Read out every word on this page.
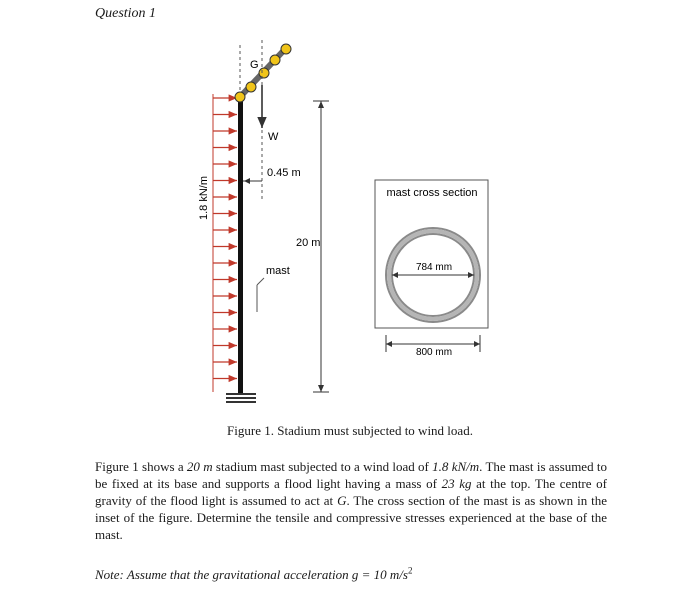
Question 1
1.8 kN/m
G
W
0.45 m
20 m
mast
mast cross section
784 mm
800 mm
Figure 1. Stadium must subjected to wind load.
Figure 1 shows a 20 m stadium mast subjected to a wind load of 1.8 kN/m. The mast is assumed to be fixed at its base and supports a flood light having a mass of 23 kg at the top. The centre of gravity of the flood light is assumed to act at G. The cross section of the mast is as shown in the inset of the figure. Determine the tensile and compressive stresses experienced at the base of the mast.
Note: Assume that the gravitational acceleration g = 10 $m/s^2$
